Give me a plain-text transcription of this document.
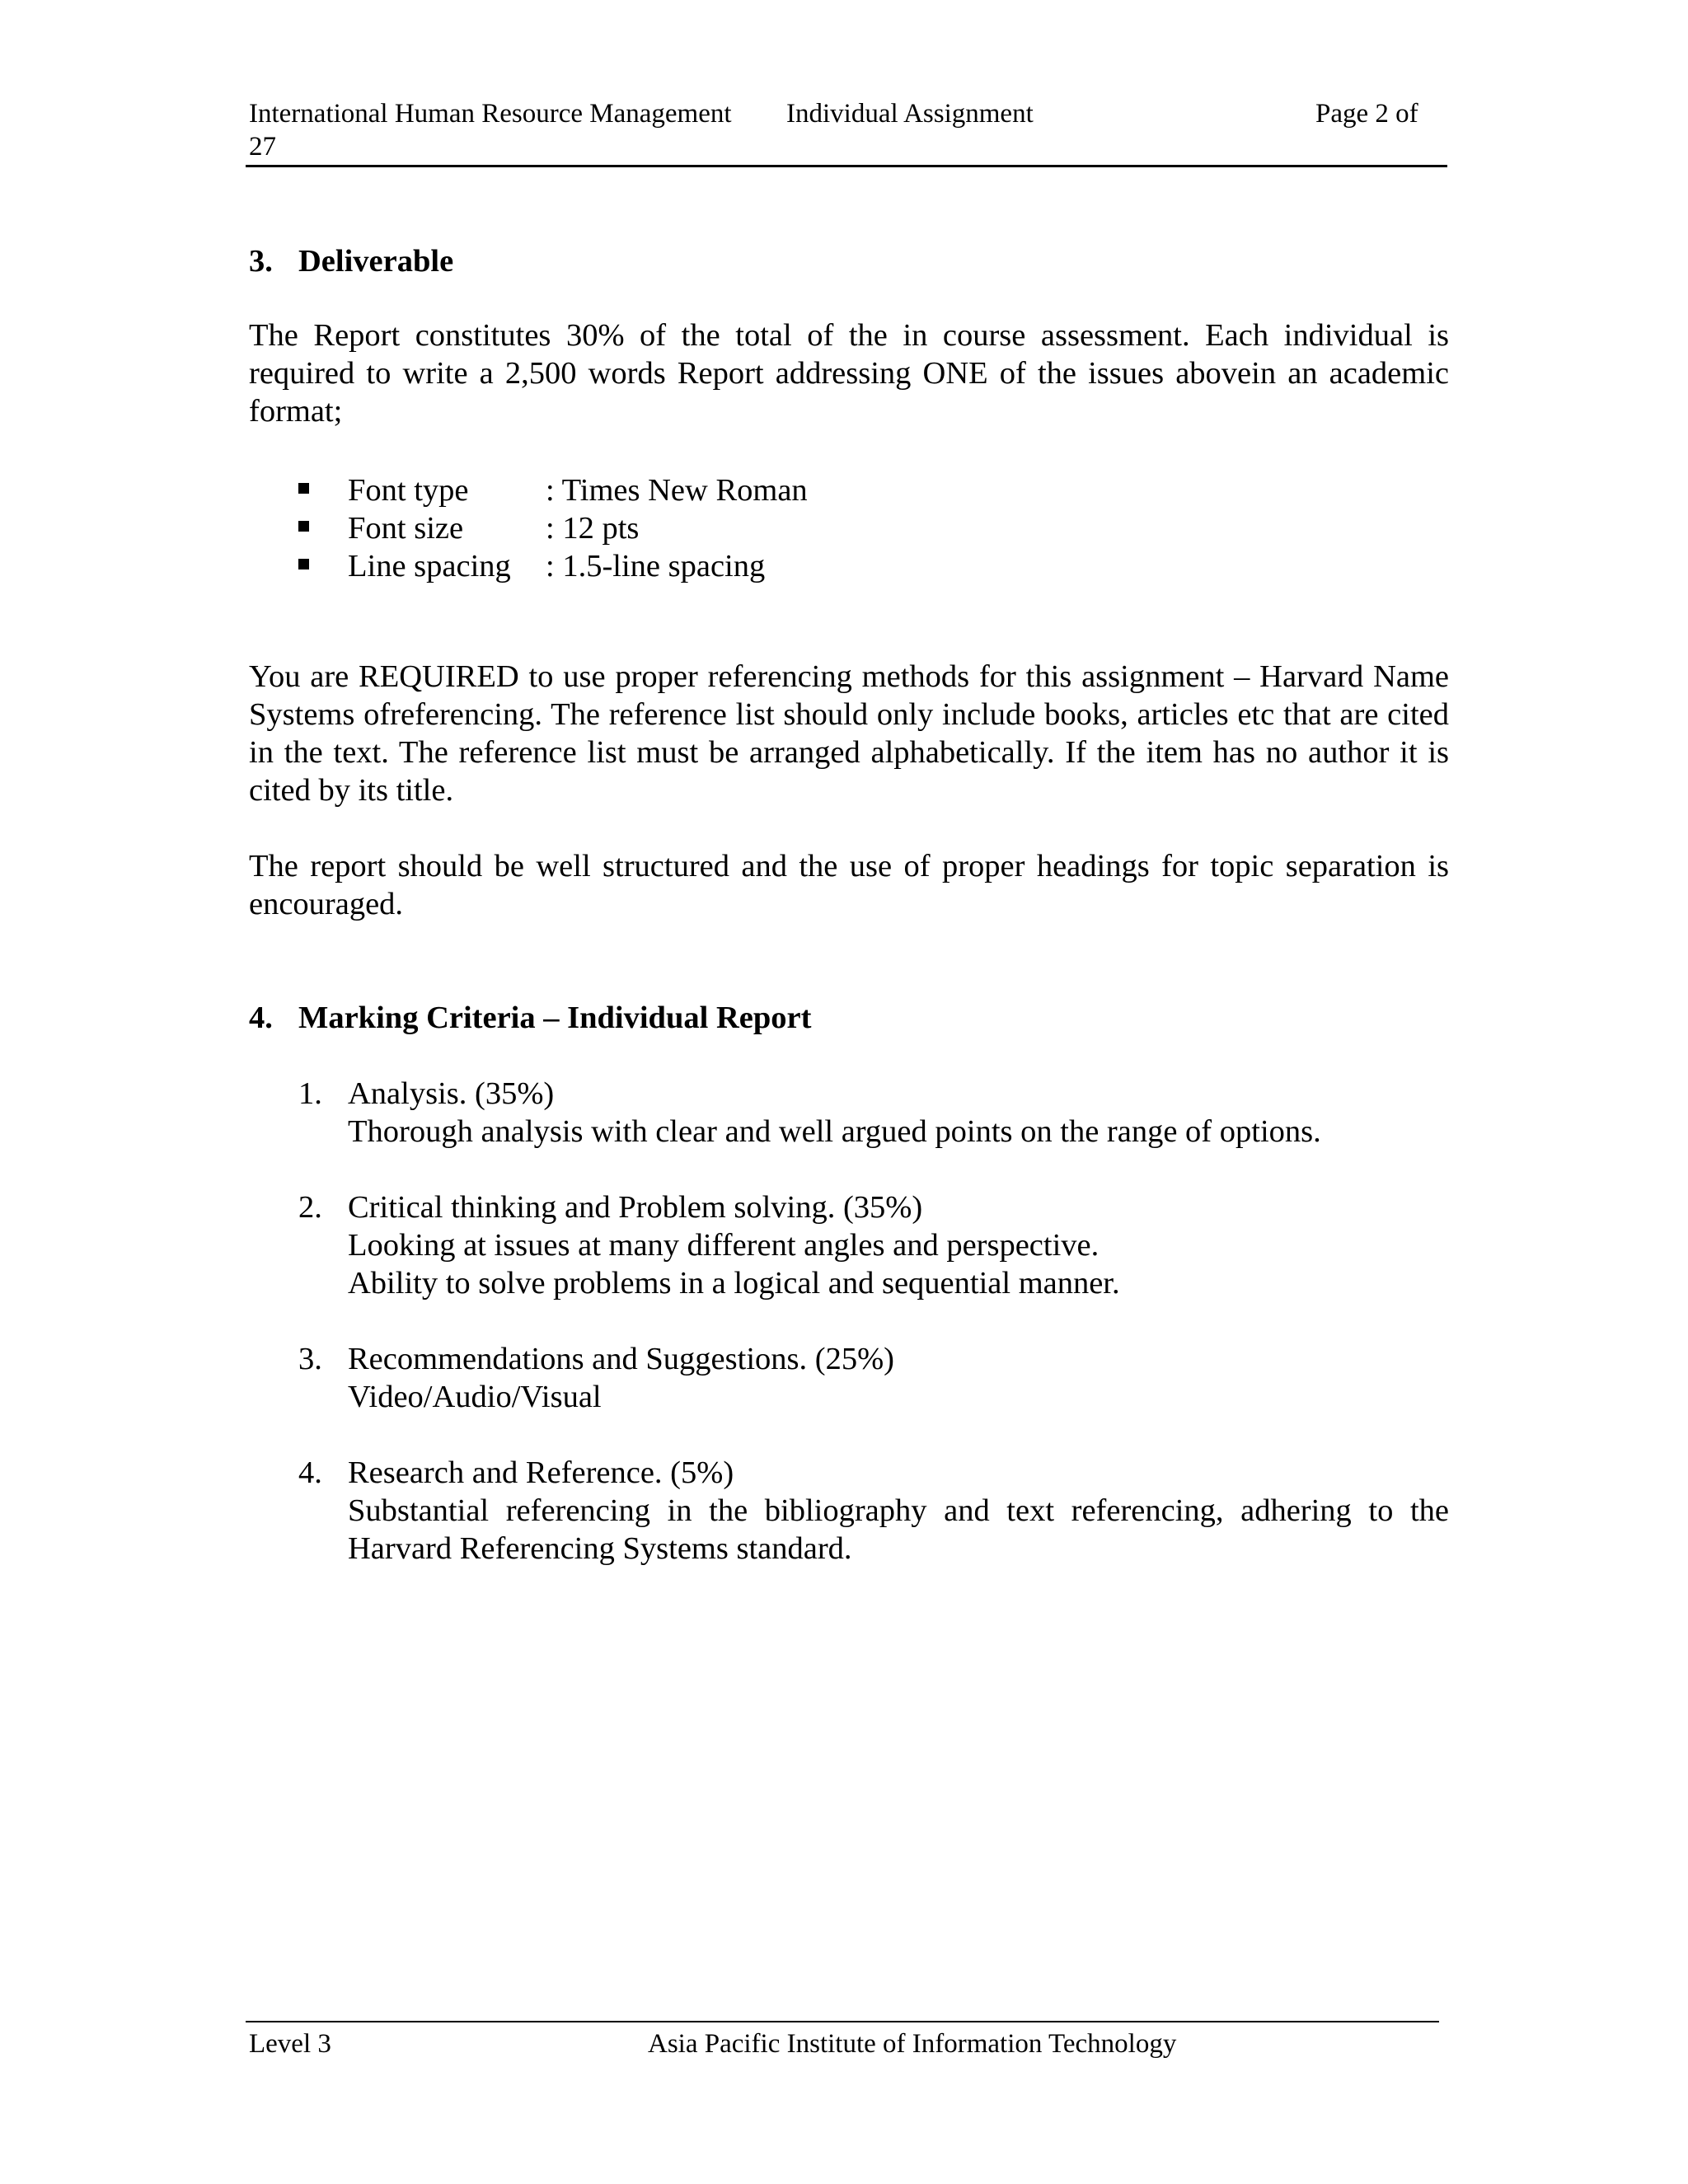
International Human Resource Management Individual Assignment	Page 2 of
27
3. Deliverable
The Report constitutes 30% of the total of the in course assessment. Each individual is required to write a 2,500 words Report addressing ONE of the issues abovein an academic format;
Font type : Times New Roman
Font size	: 12 pts
Line spacing : 1.5-line spacing
You are REQUIRED to use proper referencing methods for this assignment – Harvard Name Systems ofreferencing. The reference list should only include books, articles etc that are cited in the text. The reference list must be arranged alphabetically. If the item has no author it is cited by its title.
The report should be well structured and the use of proper headings for topic separation is encouraged.
4. Marking Criteria – Individual Report
1. Analysis. (35%)
Thorough analysis with clear and well argued points on the range of options.
2. Critical thinking and Problem solving. (35%)
Looking at issues at many different angles and perspective.
Ability to solve problems in a logical and sequential manner.
3. Recommendations and Suggestions. (25%)
Video/Audio/Visual
4. Research and Reference. (5%)
Substantial referencing in the bibliography and text referencing, adhering to the Harvard Referencing Systems standard.
Level 3	Asia Pacific Institute of Information Technology
